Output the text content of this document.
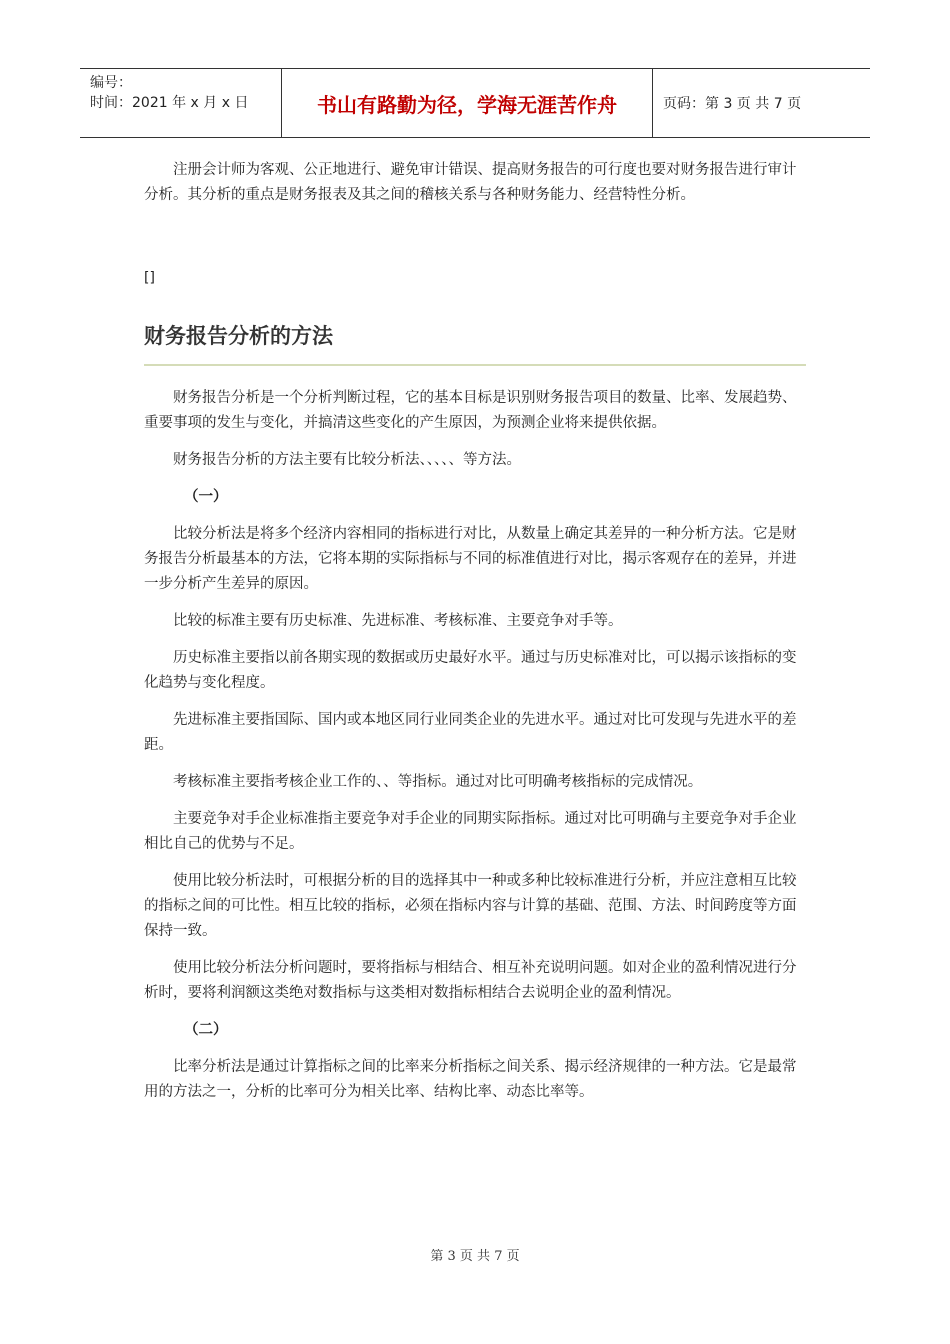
编号：
时间：2021 年 x 月 x 日	书山有路勤为径，学海无涯苦作舟	页码：第 3 页 共 7 页

注册会计师为客观、公正地进行、避免审计错误、提高财务报告的可行度也要对财务报告进行审计分析。其分析的重点是财务报表及其之间的稽核关系与各种财务能力、经营特性分析。

[]
财务报告分析的方法

财务报告分析是一个分析判断过程，它的基本目标是识别财务报告项目的数量、比率、发展趋势、重要事项的发生与变化，并搞清这些变化的产生原因，为预测企业将来提供依据。

财务报告分析的方法主要有比较分析法、、、、、等方法。

（一）

比较分析法是将多个经济内容相同的指标进行对比，从数量上确定其差异的一种分析方法。它是财务报告分析最基本的方法，它将本期的实际指标与不同的标准值进行对比，揭示客观存在的差异，并进一步分析产生差异的原因。

比较的标准主要有历史标准、先进标准、考核标准、主要竞争对手等。

历史标准主要指以前各期实现的数据或历史最好水平。通过与历史标准对比，可以揭示该指标的变化趋势与变化程度。

先进标准主要指国际、国内或本地区同行业同类企业的先进水平。通过对比可发现与先进水平的差距。

考核标准主要指考核企业工作的、、等指标。通过对比可明确考核指标的完成情况。

主要竞争对手企业标准指主要竞争对手企业的同期实际指标。通过对比可明确与主要竞争对手企业相比自己的优势与不足。

使用比较分析法时，可根据分析的目的选择其中一种或多种比较标准进行分析，并应注意相互比较的指标之间的可比性。相互比较的指标，必须在指标内容与计算的基础、范围、方法、时间跨度等方面保持一致。

使用比较分析法分析问题时，要将指标与相结合、相互补充说明问题。如对企业的盈利情况进行分析时，要将利润额这类绝对数指标与这类相对数指标相结合去说明企业的盈利情况。

（二）

比率分析法是通过计算指标之间的比率来分析指标之间关系、揭示经济规律的一种方法。它是最常用的方法之一，分析的比率可分为相关比率、结构比率、动态比率等。

第 3 页 共 7 页
